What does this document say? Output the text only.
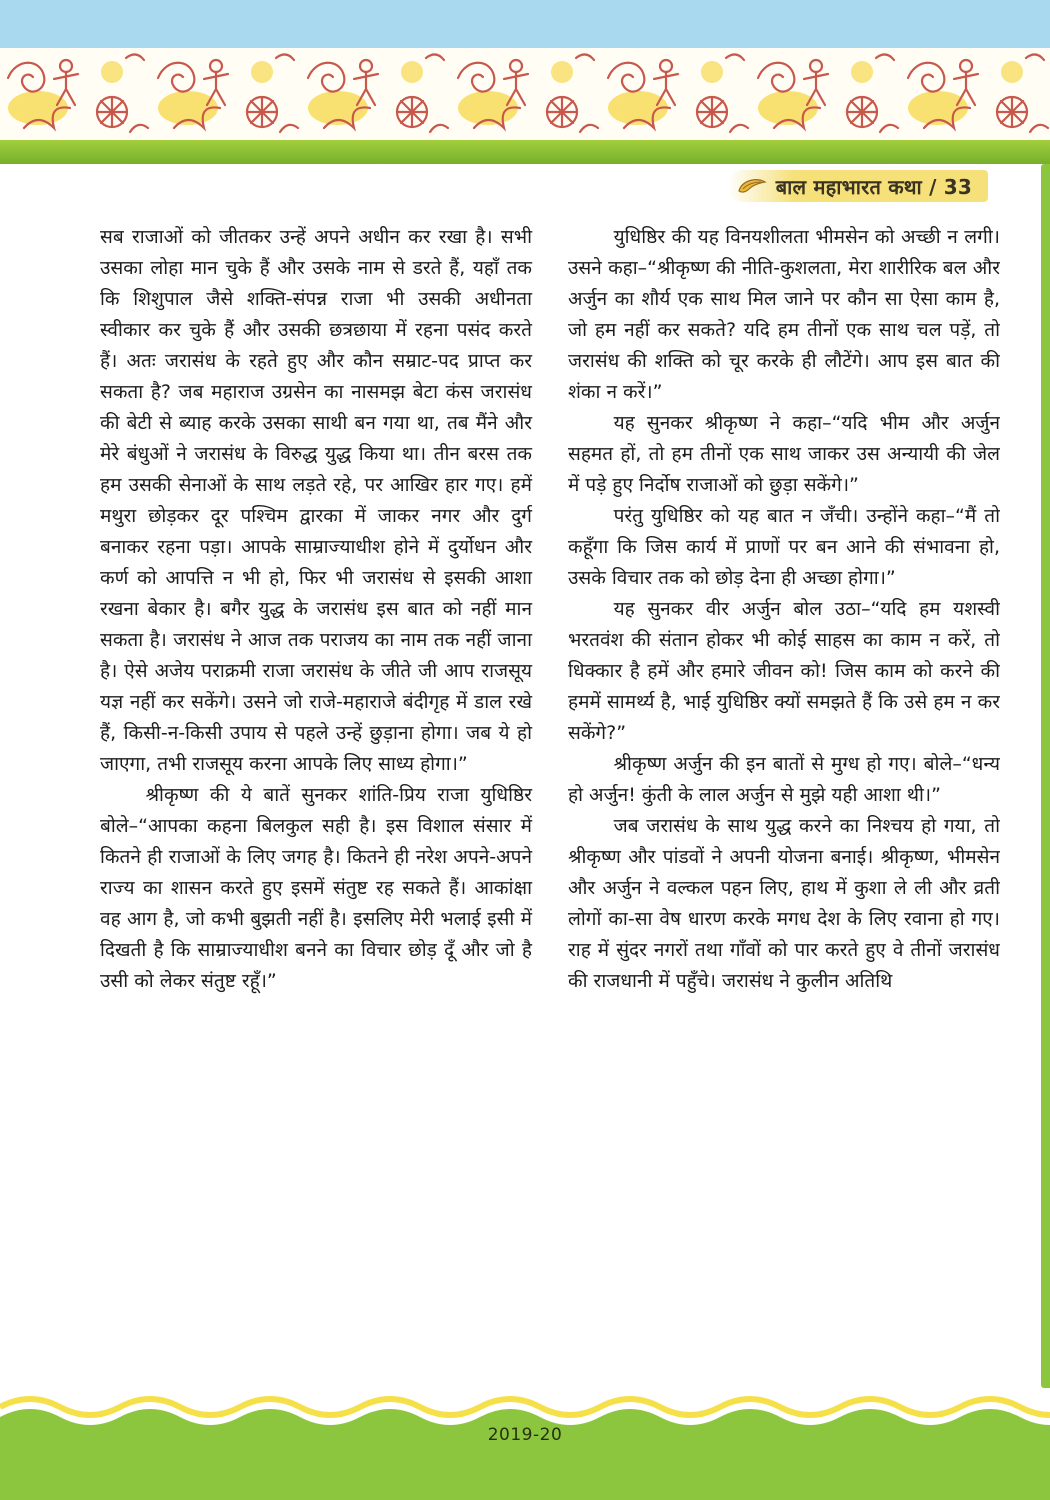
बाल महाभारत कथा / 33

सब राजाओं को जीतकर उन्हें अपने अधीन कर रखा है। सभी उसका लोहा मान चुके हैं और उसके नाम से डरते हैं, यहाँ तक कि शिशुपाल जैसे शक्ति-संपन्न राजा भी उसकी अधीनता स्वीकार कर चुके हैं और उसकी छत्रछाया में रहना पसंद करते हैं। अतः जरासंध के रहते हुए और कौन सम्राट-पद प्राप्त कर सकता है? जब महाराज उग्रसेन का नासमझ बेटा कंस जरासंध की बेटी से ब्याह करके उसका साथी बन गया था, तब मैंने और मेरे बंधुओं ने जरासंध के विरुद्ध युद्ध किया था। तीन बरस तक हम उसकी सेनाओं के साथ लड़ते रहे, पर आखिर हार गए। हमें मथुरा छोड़कर दूर पश्चिम द्वारका में जाकर नगर और दुर्ग बनाकर रहना पड़ा। आपके साम्राज्याधीश होने में दुर्योधन और कर्ण को आपत्ति न भी हो, फिर भी जरासंध से इसकी आशा रखना बेकार है। बगैर युद्ध के जरासंध इस बात को नहीं मान सकता है। जरासंध ने आज तक पराजय का नाम तक नहीं जाना है। ऐसे अजेय पराक्रमी राजा जरासंध के जीते जी आप राजसूय यज्ञ नहीं कर सकेंगे। उसने जो राजे-महाराजे बंदीगृह में डाल रखे हैं, किसी-न-किसी उपाय से पहले उन्हें छुड़ाना होगा। जब ये हो जाएगा, तभी राजसूय करना आपके लिए साध्य होगा।”

श्रीकृष्ण की ये बातें सुनकर शांति-प्रिय राजा युधिष्ठिर बोले–“आपका कहना बिलकुल सही है। इस विशाल संसार में कितने ही राजाओं के लिए जगह है। कितने ही नरेश अपने-अपने राज्य का शासन करते हुए इसमें संतुष्ट रह सकते हैं। आकांक्षा वह आग है, जो कभी बुझती नहीं है। इसलिए मेरी भलाई इसी में दिखती है कि साम्राज्याधीश बनने का विचार छोड़ दूँ और जो है उसी को लेकर संतुष्ट रहूँ।”

युधिष्ठिर की यह विनयशीलता भीमसेन को अच्छी न लगी। उसने कहा–“श्रीकृष्ण की नीति-कुशलता, मेरा शारीरिक बल और अर्जुन का शौर्य एक साथ मिल जाने पर कौन सा ऐसा काम है, जो हम नहीं कर सकते? यदि हम तीनों एक साथ चल पड़ें, तो जरासंध की शक्ति को चूर करके ही लौटेंगे। आप इस बात की शंका न करें।”

यह सुनकर श्रीकृष्ण ने कहा–“यदि भीम और अर्जुन सहमत हों, तो हम तीनों एक साथ जाकर उस अन्यायी की जेल में पड़े हुए निर्दोष राजाओं को छुड़ा सकेंगे।”

परंतु युधिष्ठिर को यह बात न जँची। उन्होंने कहा–“मैं तो कहूँगा कि जिस कार्य में प्राणों पर बन आने की संभावना हो, उसके विचार तक को छोड़ देना ही अच्छा होगा।”

यह सुनकर वीर अर्जुन बोल उठा–“यदि हम यशस्वी भरतवंश की संतान होकर भी कोई साहस का काम न करें, तो धिक्कार है हमें और हमारे जीवन को! जिस काम को करने की हममें सामर्थ्य है, भाई युधिष्ठिर क्यों समझते हैं कि उसे हम न कर सकेंगे?”

श्रीकृष्ण अर्जुन की इन बातों से मुग्ध हो गए। बोले–“धन्य हो अर्जुन! कुंती के लाल अर्जुन से मुझे यही आशा थी।”

जब जरासंध के साथ युद्ध करने का निश्चय हो गया, तो श्रीकृष्ण और पांडवों ने अपनी योजना बनाई। श्रीकृष्ण, भीमसेन और अर्जुन ने वल्कल पहन लिए, हाथ में कुशा ले ली और व्रती लोगों का-सा वेष धारण करके मगध देश के लिए रवाना हो गए। राह में सुंदर नगरों तथा गाँवों को पार करते हुए वे तीनों जरासंध की राजधानी में पहुँचे। जरासंध ने कुलीन अतिथि

2019-20
